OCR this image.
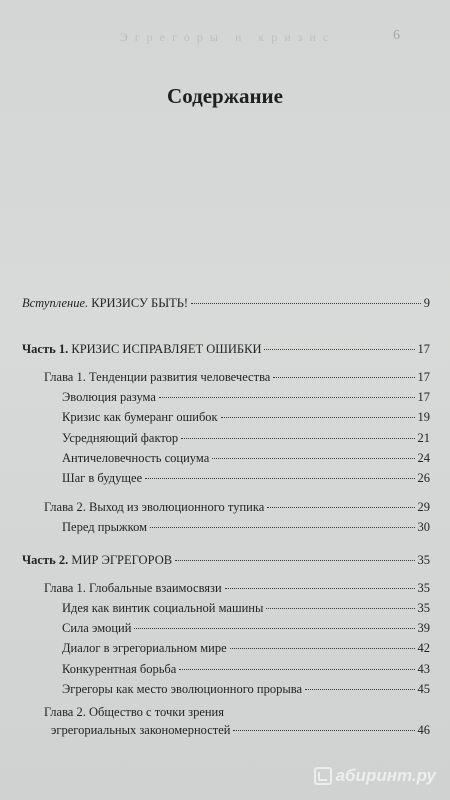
Э г р е г о р ы   и   к р и з и с	6
Содержание
Вступление. КРИЗИСУ БЫТЬ!	9
Часть 1. КРИЗИС ИСПРАВЛЯЕТ ОШИБКИ	17
Глава 1. Тенденции развития человечества	17
Эволюция разума	17
Кризис как бумеранг ошибок	19
Усредняющий фактор	21
Античеловечность социума	24
Шаг в будущее	26
Глава 2. Выход из эволюционного тупика	29
Перед прыжком	30
Часть 2. МИР ЭГРЕГОРОВ	35
Глава 1. Глобальные взаимосвязи	35
Идея как винтик социальной машины	35
Сила эмоций	39
Диалог в эгрегориальном мире	42
Конкурентная борьба	43
Эгрегоры как место эволюционного прорыва	45
Глава 2. Общество с точки зрения
эгрегориальных закономерностей	46
абиринт.ру
